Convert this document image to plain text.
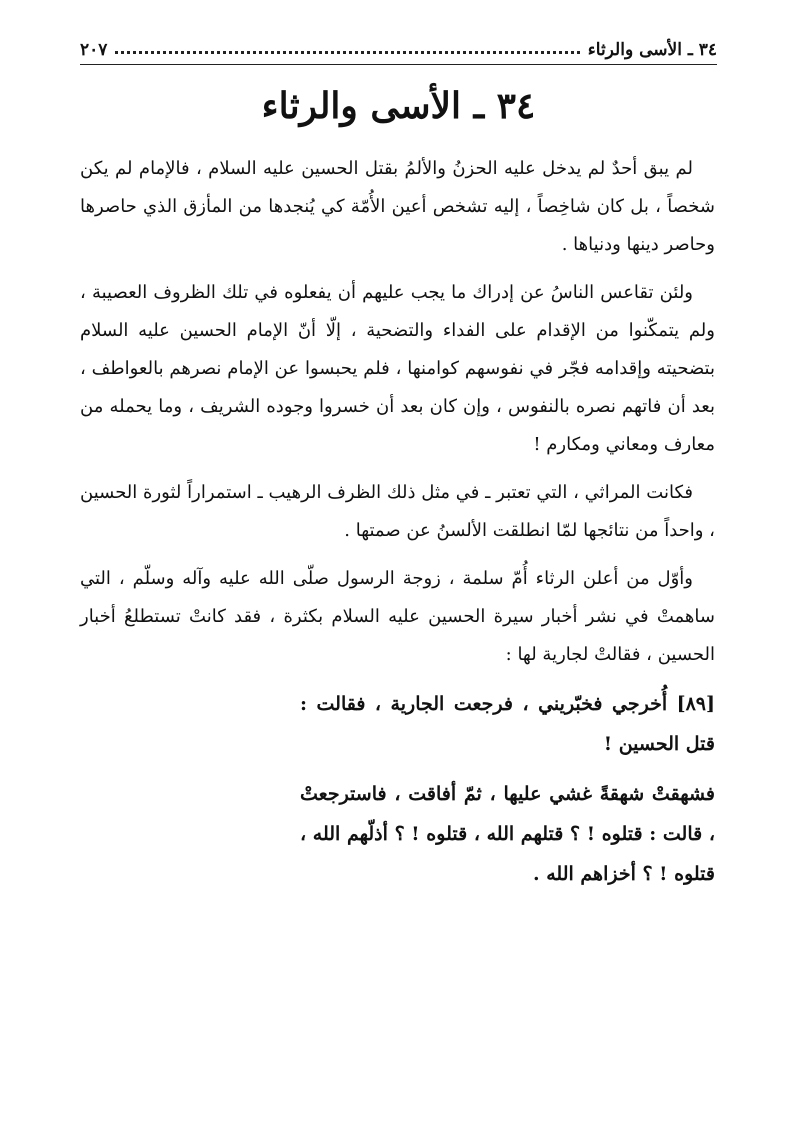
٣٤ ـ الأسى والرثاء
٢٠٧
٣٤ ـ الأسى والرثاء

لم يبق أحدٌ لم يدخل عليه الحزنُ والألمُ بقتل الحسين عليه السلام ، فالإمام لم يكن شخصاً ، بل كان شاخِصاً ، إليه تشخص أعين الأُمّة كي يُنجدها من المأزق الذي حاصرها وحاصر دينها ودنياها .

ولئن تقاعس الناسُ عن إدراك ما يجب عليهم أن يفعلوه في تلك الظروف العصيبة ، ولم يتمكّنوا من الإقدام على الفداء والتضحية ، إلّا أنّ الإمام الحسين عليه السلام بتضحيته وإقدامه فجّر في نفوسهم كوامنها ، فلم يحبسوا عن الإمام نصرهم بالعواطف ، بعد أن فاتهم نصره بالنفوس ، وإن كان بعد أن خسروا وجوده الشريف ، وما يحمله من معارف ومعاني ومكارم !

فكانت المراثي ، التي تعتبر ـ في مثل ذلك الظرف الرهيب ـ استمراراً لثورة الحسين ، واحداً من نتائجها لمّا انطلقت الألسنُ عن صمتها .

وأوّل من أعلن الرثاء أُمّ سلمة ، زوجة الرسول صلّى الله عليه وآله وسلّم ، التي ساهمتْ في نشر أخبار سيرة الحسين عليه السلام بكثرة ، فقد كانتْ تستطلعُ أخبار الحسين ، فقالتْ لجارية لها :

[٨٩] أُخرجي فخبّريني ، فرجعت الجارية ، فقالت : قتل الحسين !

فشهقتْ شهقةً غشي عليها ، ثمّ أفاقت ، فاسترجعتْ ، قالت : قتلوه ! ؟ قتلهم الله ، قتلوه ! ؟ أذلّهم الله ، قتلوه ! ؟ أخزاهم الله .
